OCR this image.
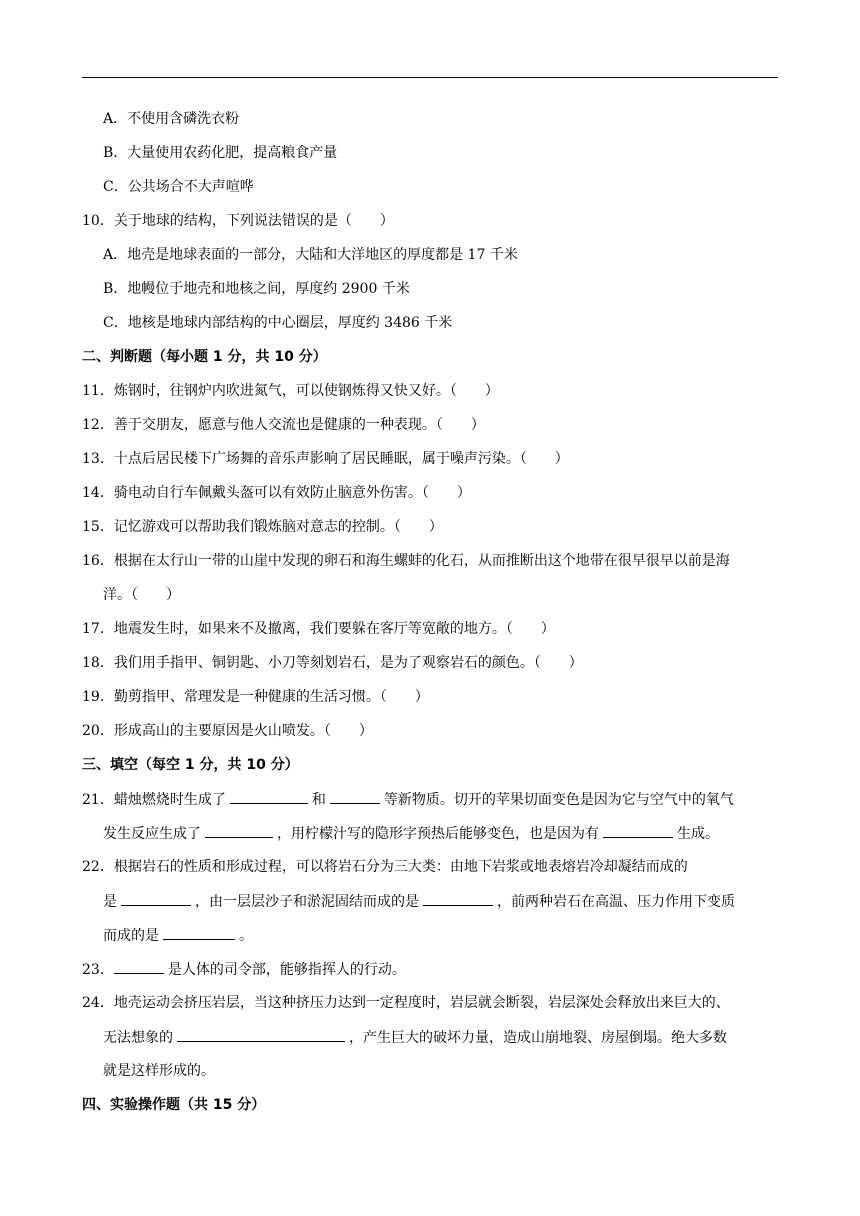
A．不使用含磷洗衣粉
B．大量使用农药化肥，提高粮食产量
C．公共场合不大声喧哗
10．关于地球的结构，下列说法错误的是（　　）
A．地壳是地球表面的一部分，大陆和大洋地区的厚度都是 17 千米
B．地幔位于地壳和地核之间，厚度约 2900 千米
C．地核是地球内部结构的中心圈层，厚度约 3486 千米
二、判断题（每小题 1 分，共 10 分）
11．炼钢时，往钢炉内吹进氮气，可以使钢炼得又快又好。（　　）
12．善于交朋友，愿意与他人交流也是健康的一种表现。（　　）
13．十点后居民楼下广场舞的音乐声影响了居民睡眠，属于噪声污染。（　　）
14．骑电动自行车佩戴头盔可以有效防止脑意外伤害。（　　）
15．记忆游戏可以帮助我们锻炼脑对意志的控制。（　　）
16．根据在太行山一带的山崖中发现的卵石和海生螺蚌的化石，从而推断出这个地带在很早很早以前是海
洋。（　　）
17．地震发生时，如果来不及撤离，我们要躲在客厅等宽敞的地方。（　　）
18．我们用手指甲、铜钥匙、小刀等刻划岩石，是为了观察岩石的颜色。（　　）
19．勤剪指甲、常理发是一种健康的生活习惯。（　　）
20．形成高山的主要原因是火山喷发。（　　）
三、填空（每空 1 分，共 10 分）
21．蜡烛燃烧时生成了	和	等新物质。切开的苹果切面变色是因为它与空气中的氧气
发生反应生成了	，用柠檬汁写的隐形字预热后能够变色，也是因为有	生成。
22．根据岩石的性质和形成过程，可以将岩石分为三大类：由地下岩浆或地表熔岩冷却凝结而成的
是	，由一层层沙子和淤泥固结而成的是	，前两种岩石在高温、压力作用下变质
而成的是	。
23．	是人体的司令部，能够指挥人的行动。
24．地壳运动会挤压岩层，当这种挤压力达到一定程度时，岩层就会断裂，岩层深处会释放出来巨大的、
无法想象的	，产生巨大的破坏力量，造成山崩地裂、房屋倒塌。绝大多数
就是这样形成的。
四、实验操作题（共 15 分）
